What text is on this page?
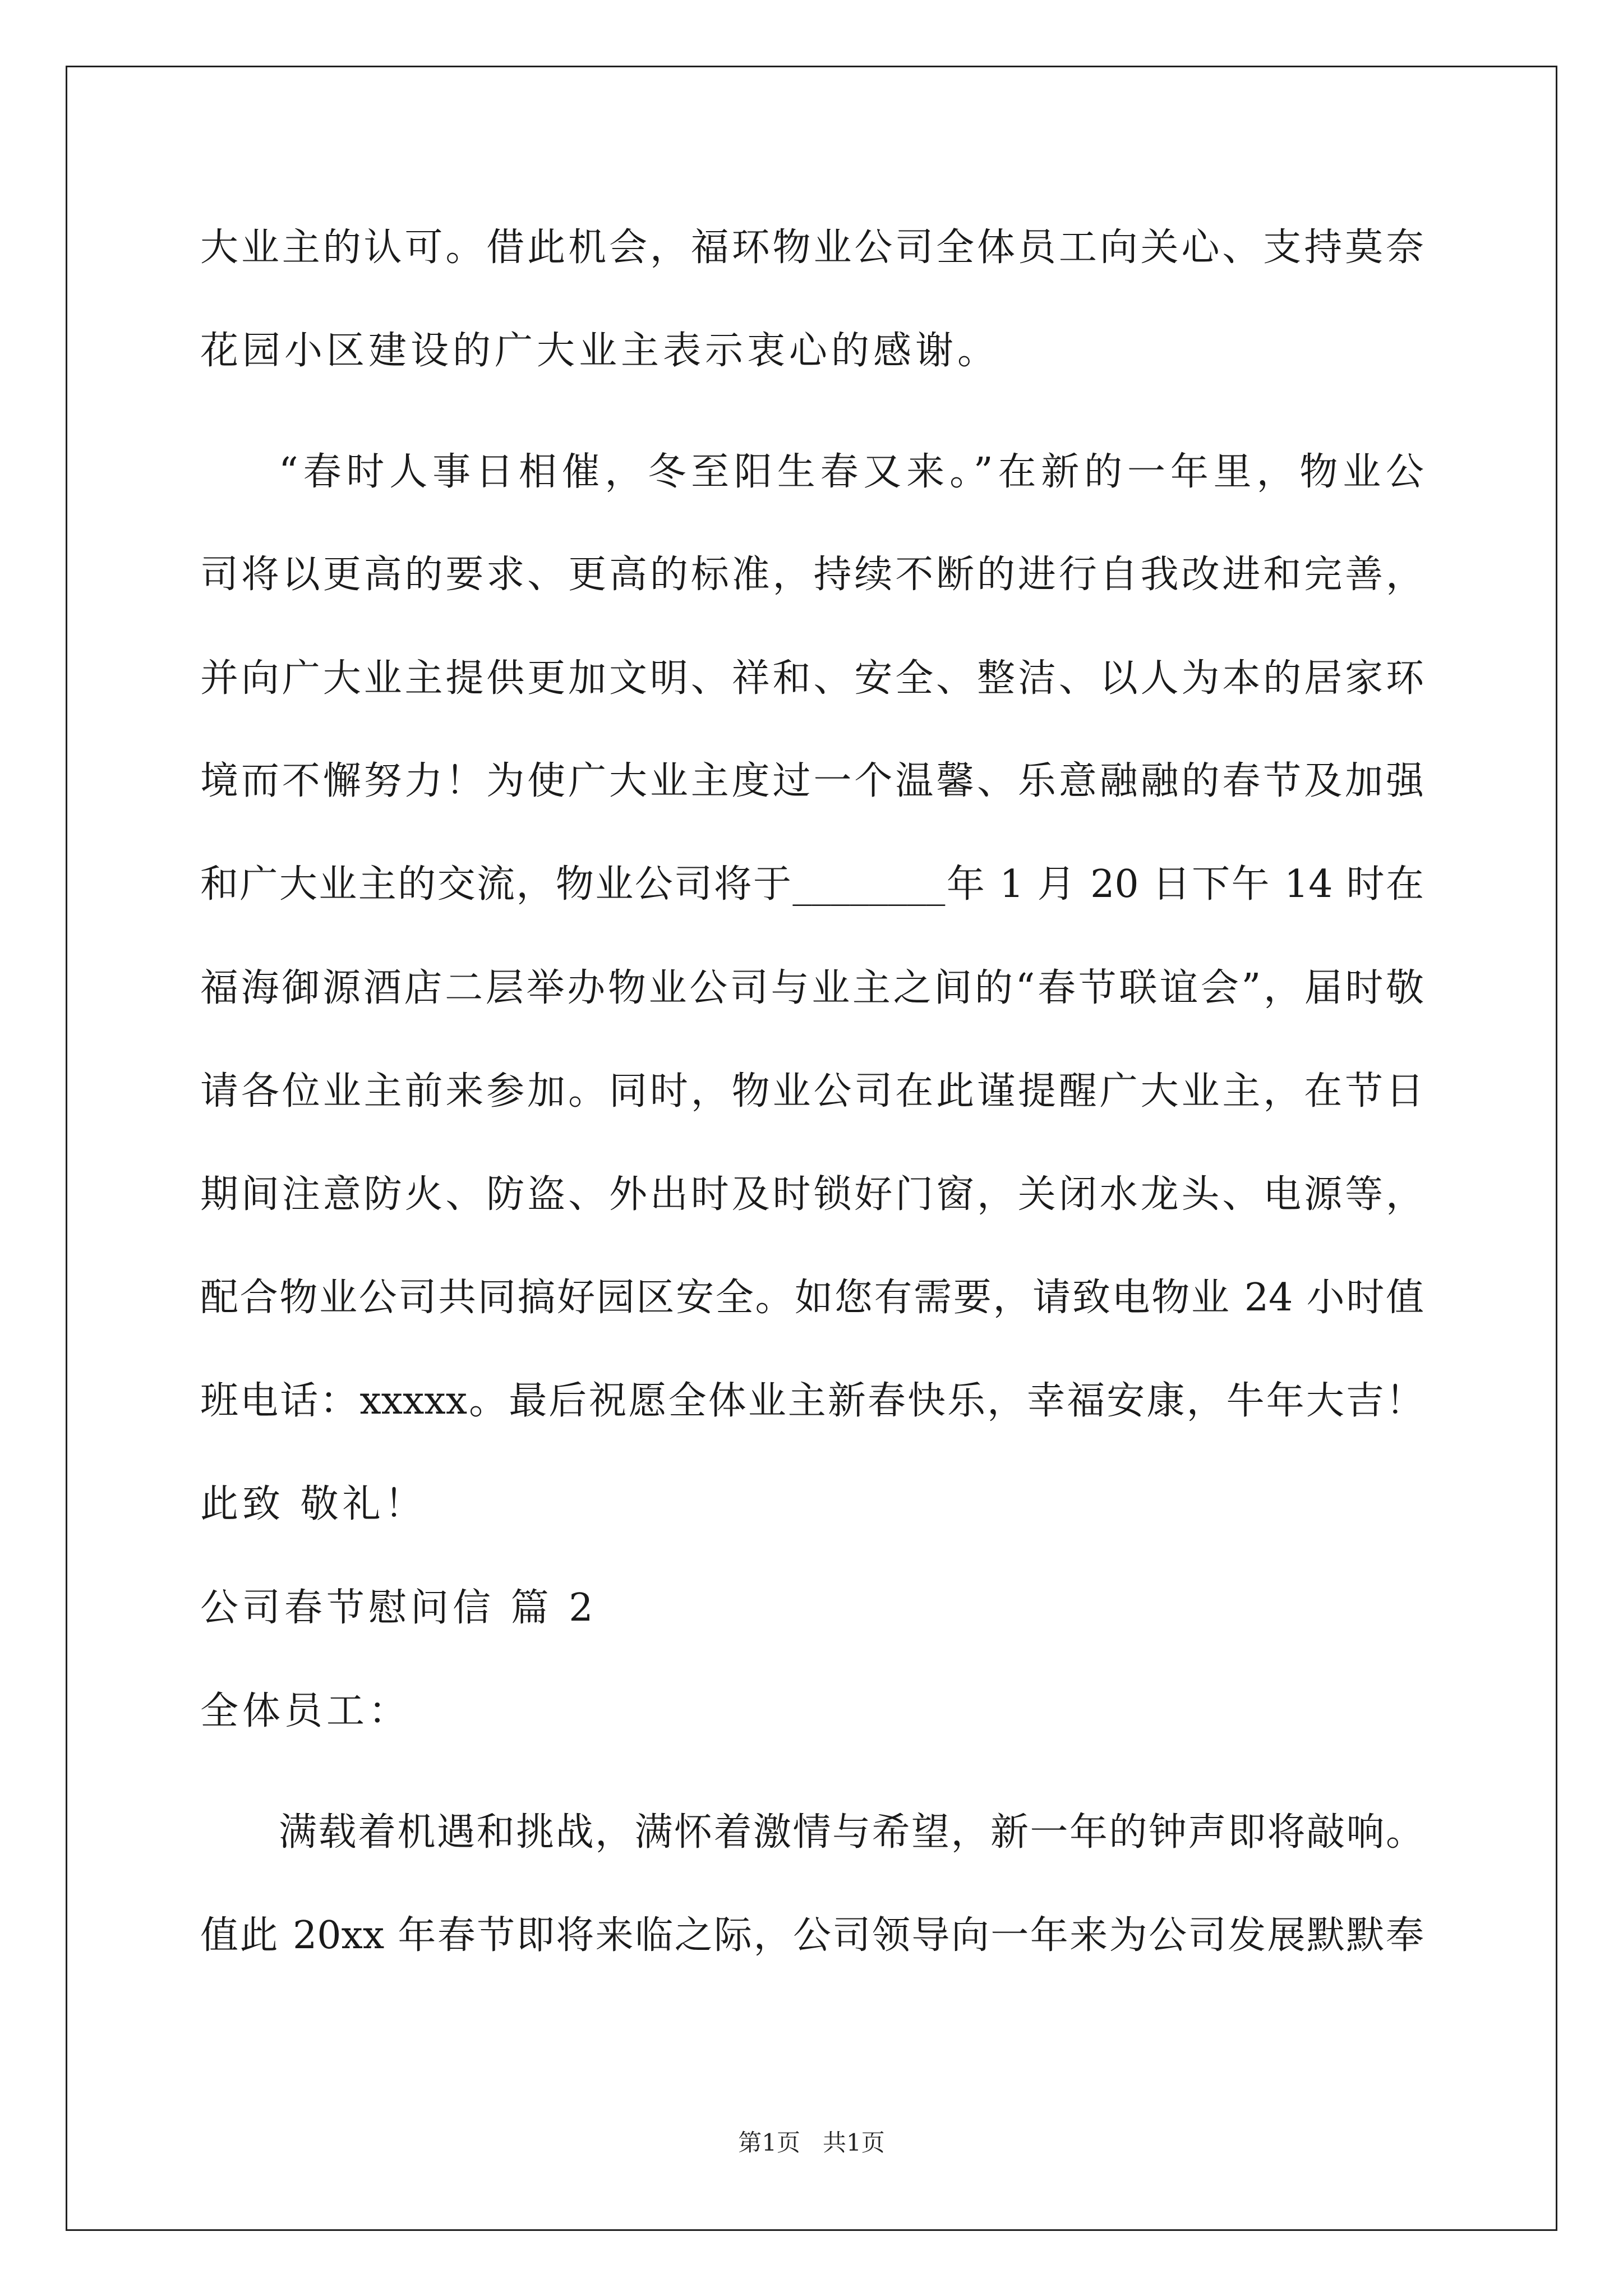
大业主的认可。借此机会，福环物业公司全体员工向关心、支持莫奈
花园小区建设的广大业主表示衷心的感谢。
“春时人事日相催，冬至阳生春又来。”在新的一年里，物业公
司将以更高的要求、更高的标准，持续不断的进行自我改进和完善，
并向广大业主提供更加文明、祥和、安全、整洁、以人为本的居家环
境而不懈努力！为使广大业主度过一个温馨、乐意融融的春节及加强
和广大业主的交流，物业公司将于________年 1 月 20 日下午 14 时在
福海御源酒店二层举办物业公司与业主之间的“春节联谊会”，届时敬
请各位业主前来参加。同时，物业公司在此谨提醒广大业主，在节日
期间注意防火、防盗、外出时及时锁好门窗，关闭水龙头、电源等，
配合物业公司共同搞好园区安全。如您有需要，请致电物业 24 小时值
班电话：xxxxx。最后祝愿全体业主新春快乐，幸福安康，牛年大吉！
此致 敬礼！
公司春节慰问信 篇 2
全体员工：
满载着机遇和挑战，满怀着激情与希望，新一年的钟声即将敲响。
值此 20xx 年春节即将来临之际，公司领导向一年来为公司发展默默奉
第1页   共1页
